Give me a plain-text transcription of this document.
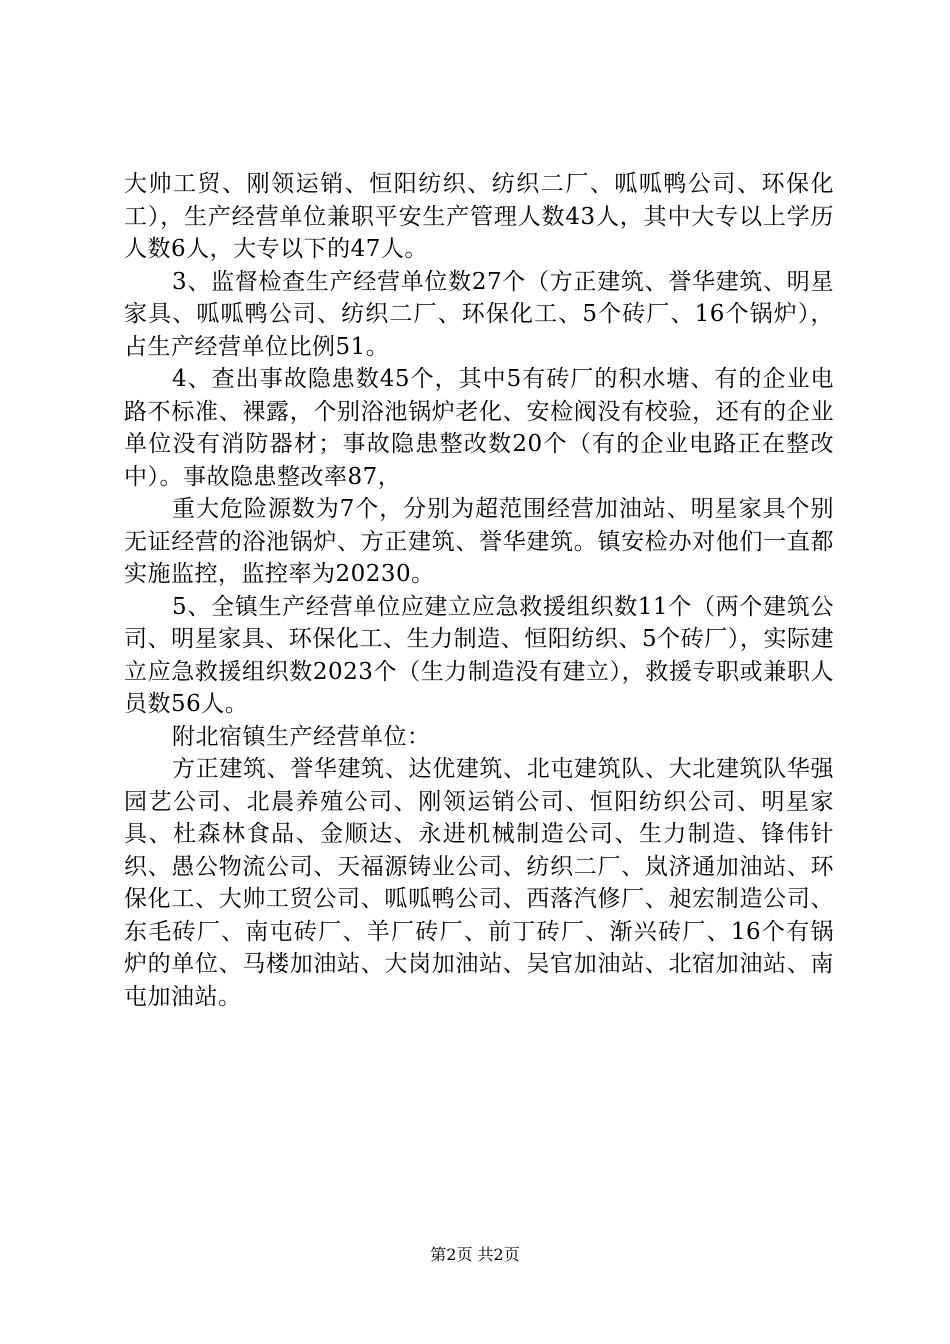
大帅工贸、刚领运销、恒阳纺织、纺织二厂、呱呱鸭公司、环保化工），生产经营单位兼职平安生产管理人数43人，其中大专以上学历人数6人，大专以下的47人。

3、监督检查生产经营单位数27个（方正建筑、誉华建筑、明星家具、呱呱鸭公司、纺织二厂、环保化工、5个砖厂、16个锅炉），占生产经营单位比例51。

4、查出事故隐患数45个，其中5有砖厂的积水塘、有的企业电路不标准、裸露，个别浴池锅炉老化、安检阀没有校验，还有的企业单位没有消防器材；事故隐患整改数20个（有的企业电路正在整改中）。事故隐患整改率87，

重大危险源数为7个，分别为超范围经营加油站、明星家具个别无证经营的浴池锅炉、方正建筑、誉华建筑。镇安检办对他们一直都实施监控，监控率为20230。

5、全镇生产经营单位应建立应急救援组织数11个（两个建筑公司、明星家具、环保化工、生力制造、恒阳纺织、5个砖厂），实际建立应急救援组织数2023个（生力制造没有建立），救援专职或兼职人员数56人。

附北宿镇生产经营单位：

方正建筑、誉华建筑、达优建筑、北屯建筑队、大北建筑队华强园艺公司、北晨养殖公司、刚领运销公司、恒阳纺织公司、明星家具、杜森林食品、金顺达、永进机械制造公司、生力制造、锋伟针织、愚公物流公司、天福源铸业公司、纺织二厂、岚济通加油站、环保化工、大帅工贸公司、呱呱鸭公司、西落汽修厂、昶宏制造公司、东毛砖厂、南屯砖厂、羊厂砖厂、前丁砖厂、渐兴砖厂、16个有锅炉的单位、马楼加油站、大岗加油站、吴官加油站、北宿加油站、南屯加油站。

第2页 共2页
